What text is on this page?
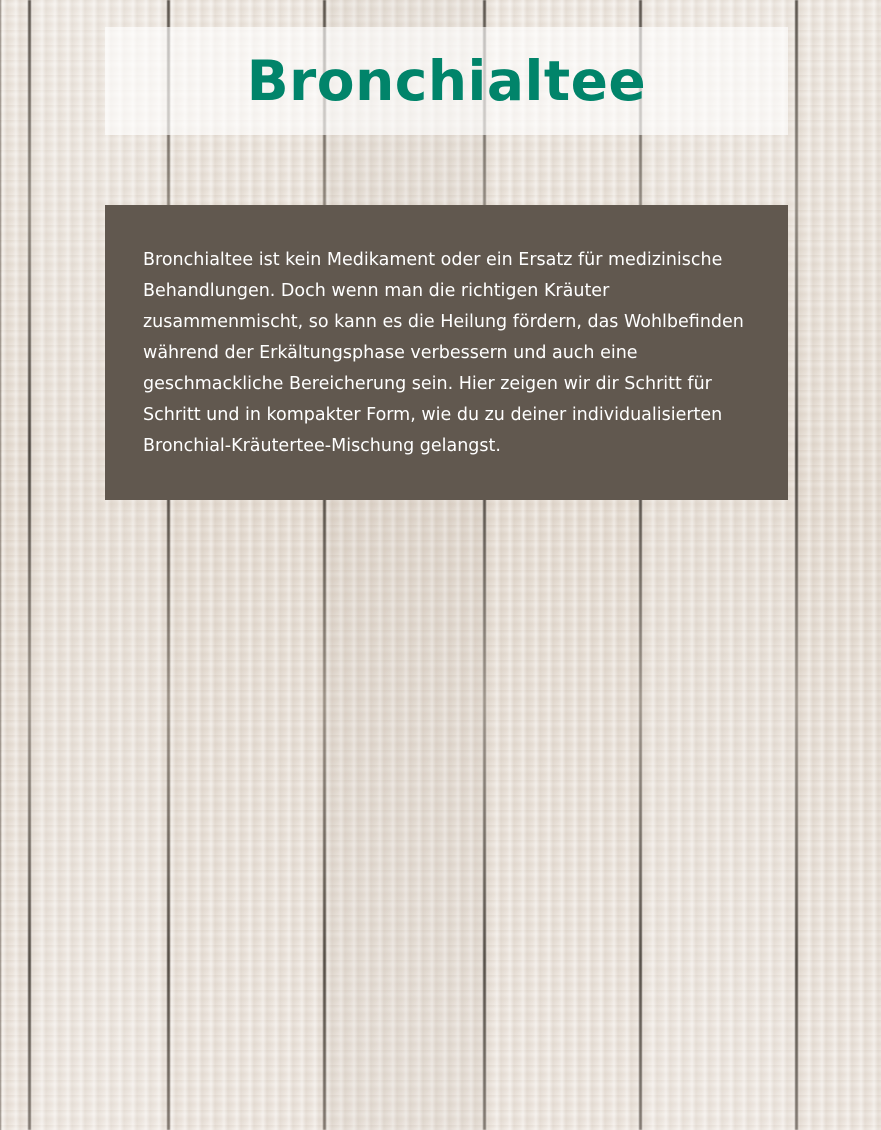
Bronchialtee

Bronchialtee ist kein Medikament oder ein Ersatz für medizinische Behandlungen. Doch wenn man die richtigen Kräuter zusammenmischt, so kann es die Heilung fördern, das Wohlbefinden während der Erkältungsphase verbessern und auch eine geschmackliche Bereicherung sein. Hier zeigen wir dir Schritt für Schritt und in kompakter Form, wie du zu deiner individualisierten Bronchial-Kräutertee-Mischung gelangst.
